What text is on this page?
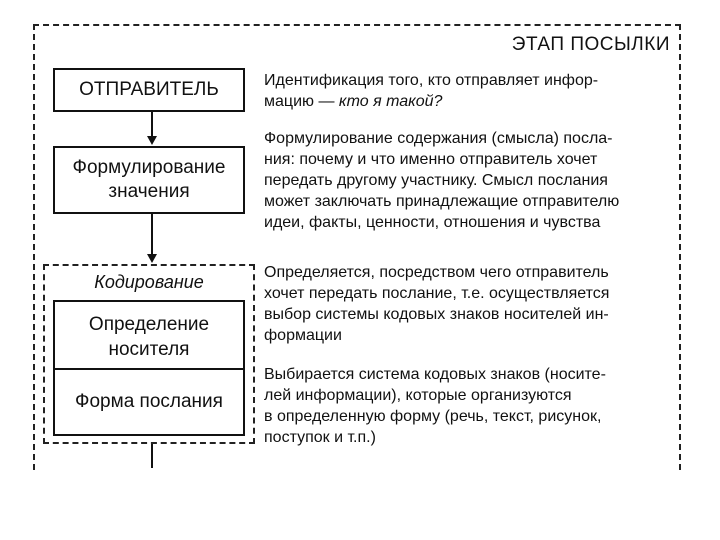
ЭТАП ПОСЫЛКИ
ОТПРАВИТЕЛЬ
Формулирование
значения
Кодирование
Определение
носителя
Форма послания
Идентификация того, кто отправляет инфор-
мацию — кто я такой?
Формулирование содержания (смысла) посла-
ния: почему и что именно отправитель хочет
передать другому участнику. Смысл послания
может заключать принадлежащие отправителю
идеи, факты, ценности, отношения и чувства
Определяется, посредством чего отправитель
хочет передать послание, т.е. осуществляется
выбор системы кодовых знаков носителей ин-
формации
Выбирается система кодовых знаков (носите-
лей информации), которые организуются
в определенную форму (речь, текст, рисунок,
поступок и т.п.)
